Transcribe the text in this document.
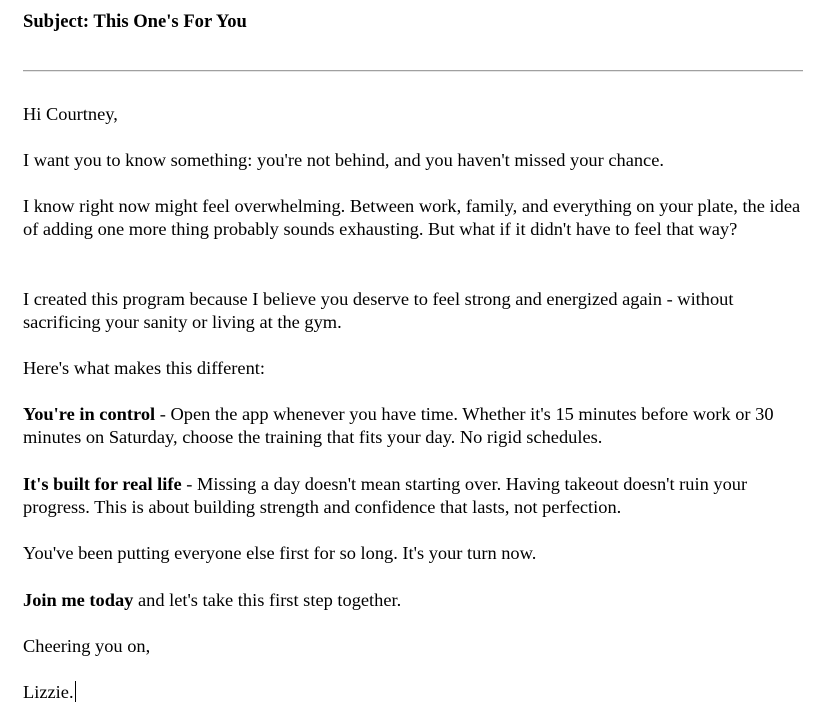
Subject: This One's For You

Hi Courtney,

I want you to know something: you're not behind, and you haven't missed your chance.

I know right now might feel overwhelming. Between work, family, and everything on your plate, the idea of adding one more thing probably sounds exhausting. But what if it didn't have to feel that way?

I created this program because I believe you deserve to feel strong and energized again - without sacrificing your sanity or living at the gym.

Here's what makes this different:

You're in control - Open the app whenever you have time. Whether it's 15 minutes before work or 30 minutes on Saturday, choose the training that fits your day. No rigid schedules.

It's built for real life - Missing a day doesn't mean starting over. Having takeout doesn't ruin your progress. This is about building strength and confidence that lasts, not perfection.

You've been putting everyone else first for so long. It's your turn now.

Join me today and let's take this first step together.

Cheering you on,

Lizzie.
